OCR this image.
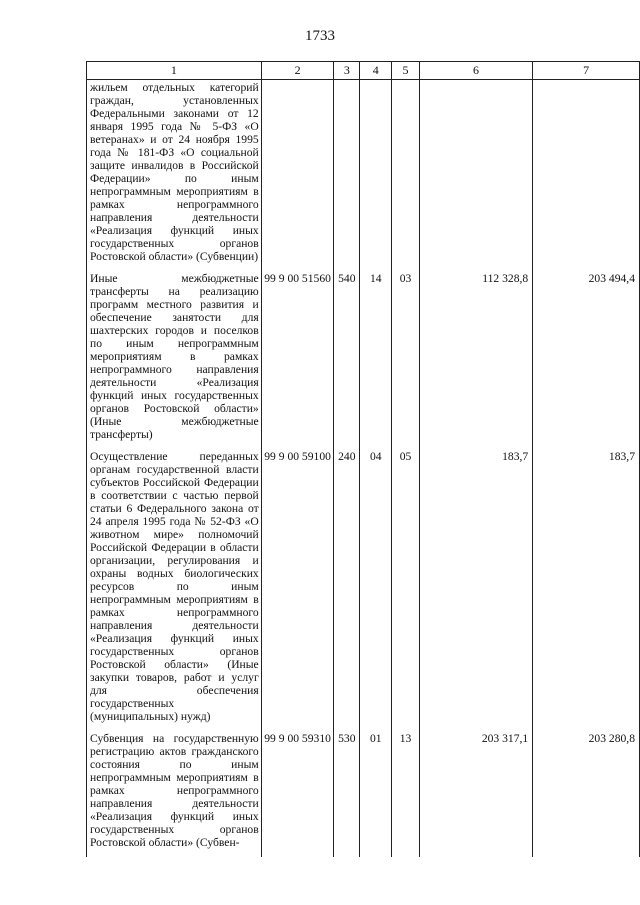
1733
1	2	3	4	5	6	7
жильем отдельных категорий граждан, установленных Федеральными законами от 12 января 1995 года № 5-ФЗ «О ветеранах» и от 24 ноября 1995 года № 181-ФЗ «О социальной защите инвалидов в Российской Федерации» по иным непрограммным мероприятиям в рамках непрограммного направления деятельности «Реализация функций иных государственных органов Ростовской области» (Субвенции)						
Иные межбюджетные трансферты на реализацию программ местного развития и обеспечение занятости для шахтерских городов и поселков по иным непрограммным мероприятиям в рамках непрограммного направления деятельности «Реализация функций иных государственных органов Ростовской области» (Иные межбюджетные трансферты)	99 9 00 51560	540	14	03	112 328,8	203 494,4
Осуществление переданных органам государственной власти субъектов Российской Федерации в соответствии с частью первой статьи 6 Федерального закона от 24 апреля 1995 года № 52-ФЗ «О животном мире» полномочий Российской Федерации в области организации, регулирования и охраны водных биологических ресурсов по иным непрограммным мероприятиям в рамках непрограммного направления деятельности «Реализация функций иных государственных органов Ростовской области» (Иные закупки товаров, работ и услуг для обеспечения государственных (муниципальных) нужд)	99 9 00 59100	240	04	05	183,7	183,7
Субвенция на государственную регистрацию актов гражданского состояния по иным непрограммным мероприятиям в рамках непрограммного направления деятельности «Реализация функций иных государственных органов Ростовской области» (Субвен-	99 9 00 59310	530	01	13	203 317,1	203 280,8
